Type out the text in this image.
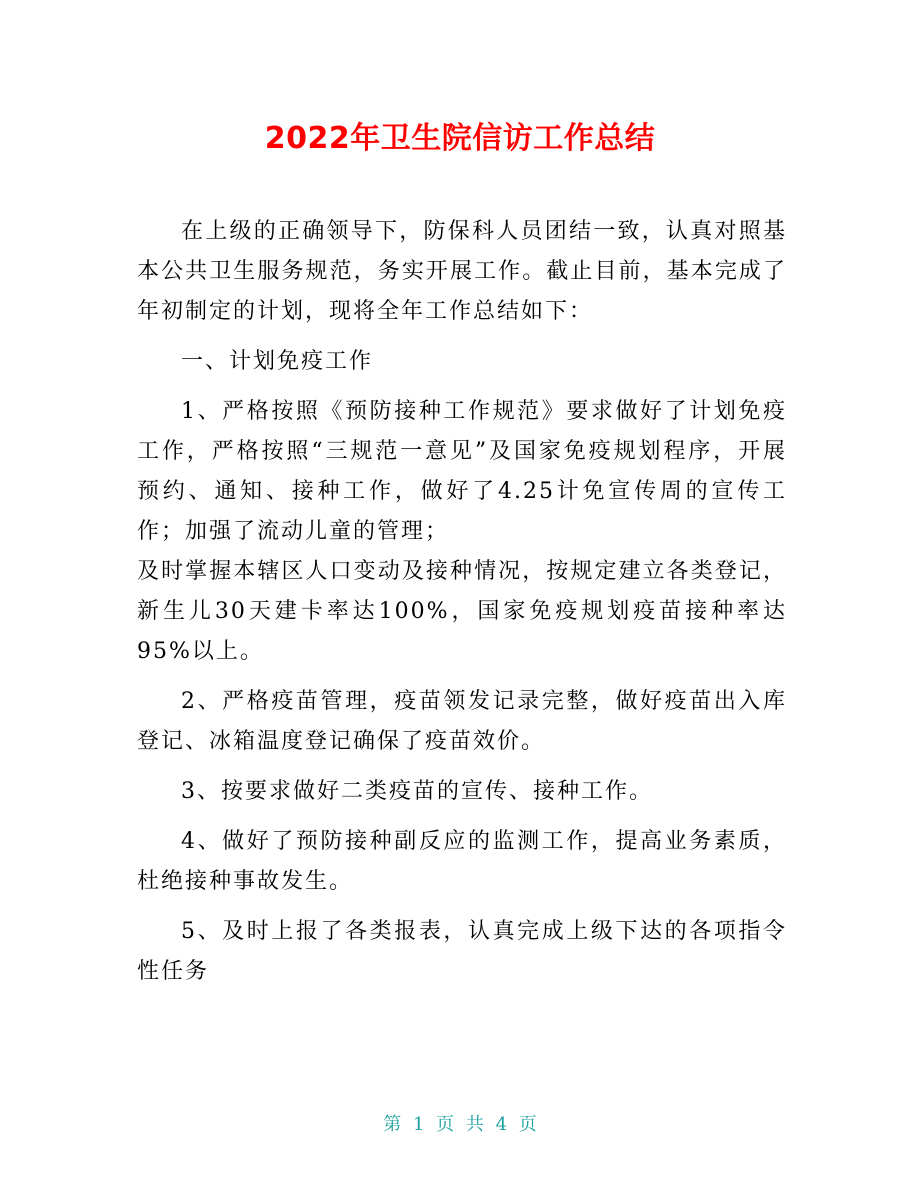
2022年卫生院信访工作总结

在上级的正确领导下，防保科人员团结一致，认真对照基本公共卫生服务规范，务实开展工作。截止目前，基本完成了年初制定的计划，现将全年工作总结如下：

一、计划免疫工作

1、严格按照《预防接种工作规范》要求做好了计划免疫工作，严格按照“三规范一意见”及国家免疫规划程序，开展预约、通知、接种工作，做好了4.25计免宣传周的宣传工作；加强了流动儿童的管理；

及时掌握本辖区人口变动及接种情况，按规定建立各类登记，新生儿30天建卡率达100%，国家免疫规划疫苗接种率达95%以上。

2、严格疫苗管理，疫苗领发记录完整，做好疫苗出入库登记、冰箱温度登记确保了疫苗效价。

3、按要求做好二类疫苗的宣传、接种工作。

4、做好了预防接种副反应的监测工作，提高业务素质，杜绝接种事故发生。

5、及时上报了各类报表，认真完成上级下达的各项指令性任务

第 1 页 共 4 页
